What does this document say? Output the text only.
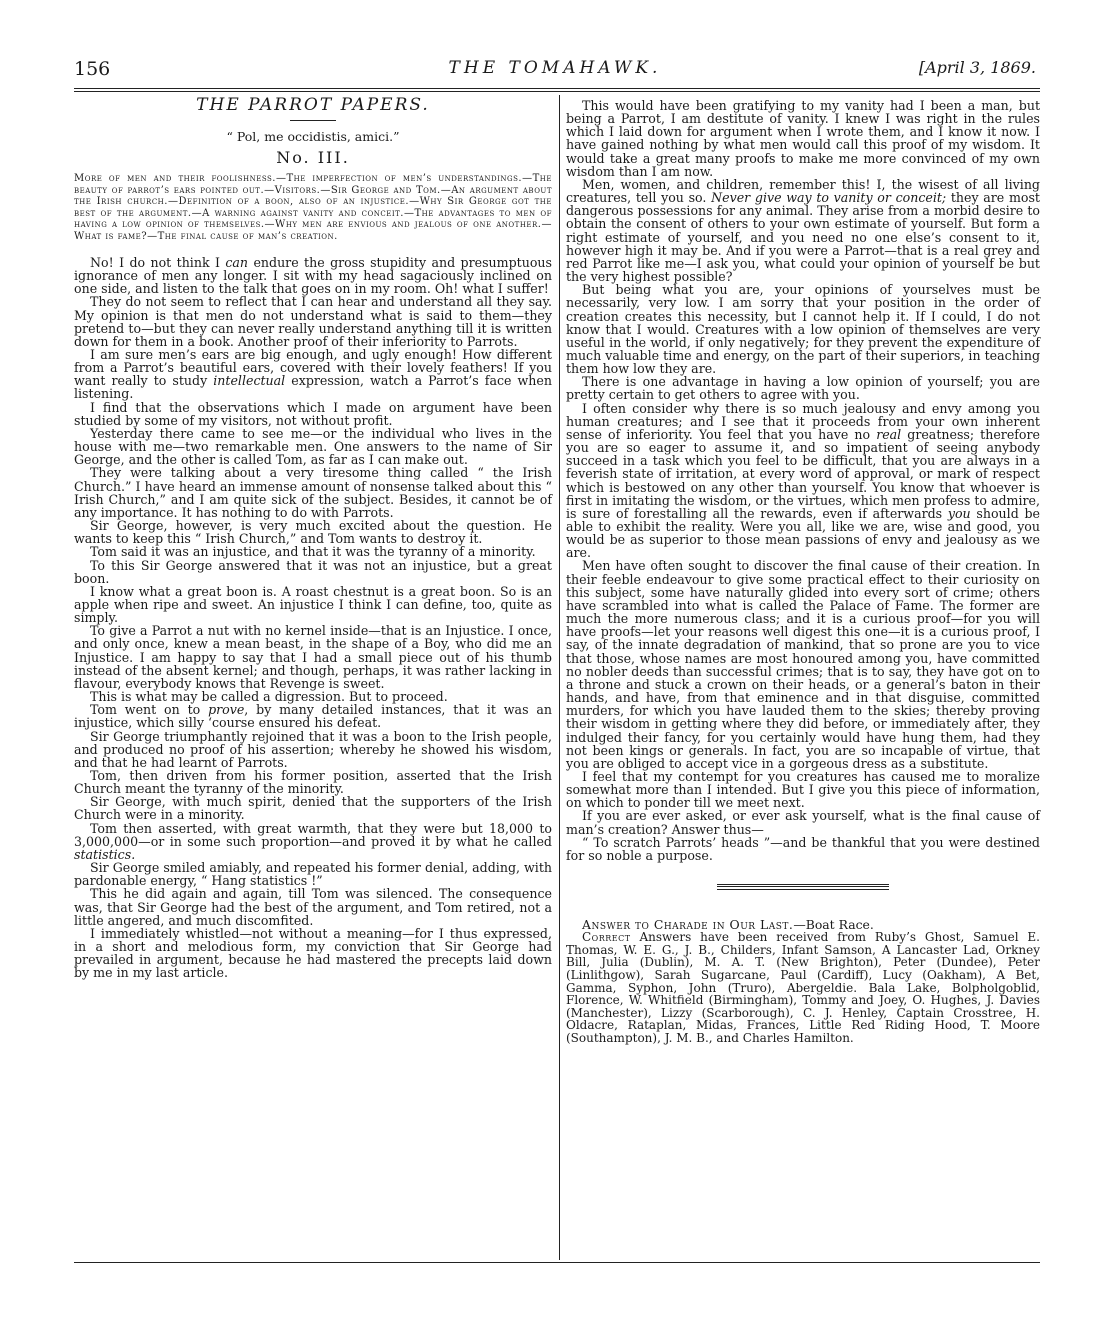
156	THE TOMAHAWK.	[April 3, 1869.
THE PARROT PAPERS.
“ Pol, me occidistis, amici.”
No. III.
More of men and their foolishness.—The imperfection of men’s understandings.—The beauty of parrot’s ears pointed out.—Visitors.—Sir George and Tom.—An argument about the Irish church.—Definition of a boon, also of an injustice.—Why Sir George got the best of the argument.—A warning against vanity and conceit.—The advantages to men of having a low opinion of themselves.—Why men are envious and jealous of one another.—What is fame?—The final cause of man’s creation.

No! I do not think I can endure the gross stupidity and presumptuous ignorance of men any longer. I sit with my head sagaciously inclined on one side, and listen to the talk that goes on in my room. Oh! what I suffer!

They do not seem to reflect that I can hear and understand all they say. My opinion is that men do not understand what is said to them—they pretend to—but they can never really understand anything till it is written down for them in a book. Another proof of their inferiority to Parrots.

I am sure men’s ears are big enough, and ugly enough! How different from a Parrot’s beautiful ears, covered with their lovely feathers! If you want really to study intellectual expression, watch a Parrot’s face when listening.

I find that the observations which I made on argument have been studied by some of my visitors, not without profit.

Yesterday there came to see me—or the individual who lives in the house with me—two remarkable men. One answers to the name of Sir George, and the other is called Tom, as far as I can make out.

They were talking about a very tiresome thing called “ the Irish Church.” I have heard an immense amount of nonsense talked about this “ Irish Church,” and I am quite sick of the subject. Besides, it cannot be of any importance. It has nothing to do with Parrots.

Sir George, however, is very much excited about the question. He wants to keep this “ Irish Church,” and Tom wants to destroy it.

Tom said it was an injustice, and that it was the tyranny of a minority.

To this Sir George answered that it was not an injustice, but a great boon.

I know what a great boon is. A roast chestnut is a great boon. So is an apple when ripe and sweet. An injustice I think I can define, too, quite as simply.

To give a Parrot a nut with no kernel inside—that is an Injustice. I once, and only once, knew a mean beast, in the shape of a Boy, who did me an Injustice. I am happy to say that I had a small piece out of his thumb instead of the absent kernel; and though, perhaps, it was rather lacking in flavour, everybody knows that Revenge is sweet.

This is what may be called a digression. But to proceed.

Tom went on to prove, by many detailed instances, that it was an injustice, which silly ‘course ensured his defeat.

Sir George triumphantly rejoined that it was a boon to the Irish people, and produced no proof of his assertion; whereby he showed his wisdom, and that he had learnt of Parrots.

Tom, then driven from his former position, asserted that the Irish Church meant the tyranny of the minority.

Sir George, with much spirit, denied that the supporters of the Irish Church were in a minority.

Tom then asserted, with great warmth, that they were but 18,000 to 3,000,000—or in some such proportion—and proved it by what he called statistics.

Sir George smiled amiably, and repeated his former denial, adding, with pardonable energy, “ Hang statistics !”

This he did again and again, till Tom was silenced. The consequence was, that Sir George had the best of the argument, and Tom retired, not a little angered, and much discomfited.

I immediately whistled—not without a meaning—for I thus expressed, in a short and melodious form, my conviction that Sir George had prevailed in argument, because he had mastered the precepts laid down by me in my last article.

This would have been gratifying to my vanity had I been a man, but being a Parrot, I am destitute of vanity. I knew I was right in the rules which I laid down for argument when I wrote them, and I know it now. I have gained nothing by what men would call this proof of my wisdom. It would take a great many proofs to make me more convinced of my own wisdom than I am now.

Men, women, and children, remember this! I, the wisest of all living creatures, tell you so. Never give way to vanity or conceit; they are most dangerous possessions for any animal. They arise from a morbid desire to obtain the consent of others to your own estimate of yourself. But form a right estimate of yourself, and you need no one else’s consent to it, however high it may be. And if you were a Parrot—that is a real grey and red Parrot like me—I ask you, what could your opinion of yourself be but the very highest possible?

But being what you are, your opinions of yourselves must be necessarily, very low. I am sorry that your position in the order of creation creates this necessity, but I cannot help it. If I could, I do not know that I would. Creatures with a low opinion of themselves are very useful in the world, if only negatively; for they prevent the expenditure of much valuable time and energy, on the part of their superiors, in teaching them how low they are.

There is one advantage in having a low opinion of yourself; you are pretty certain to get others to agree with you.

I often consider why there is so much jealousy and envy among you human creatures; and I see that it proceeds from your own inherent sense of inferiority. You feel that you have no real greatness; therefore you are so eager to assume it, and so impatient of seeing anybody succeed in a task which you feel to be difficult, that you are always in a feverish state of irritation, at every word of approval, or mark of respect which is bestowed on any other than yourself. You know that whoever is first in imitating the wisdom, or the virtues, which men profess to admire, is sure of forestalling all the rewards, even if afterwards you should be able to exhibit the reality. Were you all, like we are, wise and good, you would be as superior to those mean passions of envy and jealousy as we are.

Men have often sought to discover the final cause of their creation. In their feeble endeavour to give some practical effect to their curiosity on this subject, some have naturally glided into every sort of crime; others have scrambled into what is called the Palace of Fame. The former are much the more numerous class; and it is a curious proof—for you will have proofs—let your reasons well digest this one—it is a curious proof, I say, of the innate degradation of mankind, that so prone are you to vice that those, whose names are most honoured among you, have committed no nobler deeds than successful crimes; that is to say, they have got on to a throne and stuck a crown on their heads, or a general’s baton in their hands, and have, from that eminence and in that disguise, committed murders, for which you have lauded them to the skies; thereby proving their wisdom in getting where they did before, or immediately after, they indulged their fancy, for you certainly would have hung them, had they not been kings or generals. In fact, you are so incapable of virtue, that you are obliged to accept vice in a gorgeous dress as a substitute.

I feel that my contempt for you creatures has caused me to moralize somewhat more than I intended. But I give you this piece of information, on which to ponder till we meet next.

If you are ever asked, or ever ask yourself, what is the final cause of man’s creation? Answer thus—

“ To scratch Parrots’ heads ”—and be thankful that you were destined for so noble a purpose.

Answer to Charade in Our Last.—Boat Race.

Correct Answers have been received from Ruby’s Ghost, Samuel E. Thomas, W. E. G., J. B., Childers, Infant Samson, A Lancaster Lad, Orkney Bill, Julia (Dublin), M. A. T. (New Brighton), Peter (Dundee), Peter (Linlithgow), Sarah Sugarcane, Paul (Cardiff), Lucy (Oakham), A Bet, Gamma, Syphon, John (Truro), Abergeldie. Bala Lake, Bolpholgoblid, Florence, W. Whitfield (Birmingham), Tommy and Joey, O. Hughes, J. Davies (Manchester), Lizzy (Scarborough), C. J. Henley, Captain Crosstree, H. Oldacre, Rataplan, Midas, Frances, Little Red Riding Hood, T. Moore (Southampton), J. M. B., and Charles Hamilton.
